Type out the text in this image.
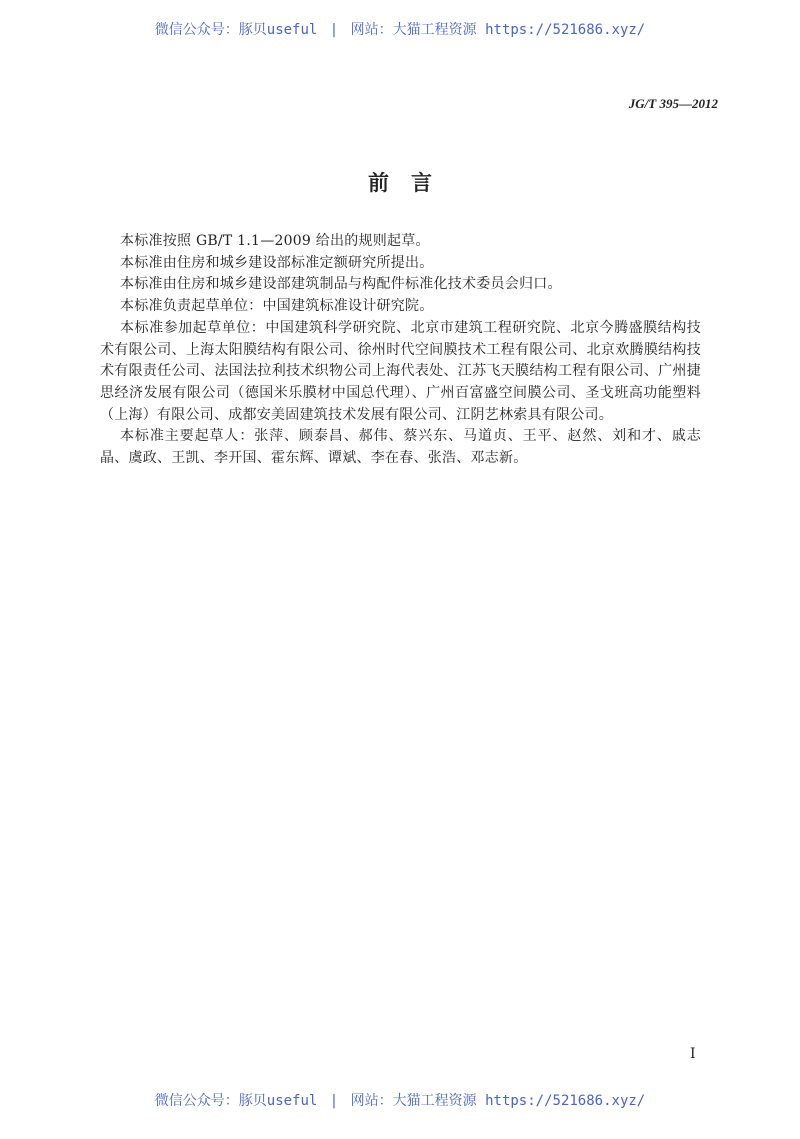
微信公众号：豚贝useful | 网站：大猫工程资源 https://521686.xyz/
JG/T 395—2012
前言

本标准按照 GB/T 1.1—2009 给出的规则起草。

本标准由住房和城乡建设部标准定额研究所提出。

本标准由住房和城乡建设部建筑制品与构配件标准化技术委员会归口。

本标准负责起草单位：中国建筑标准设计研究院。

本标准参加起草单位：中国建筑科学研究院、北京市建筑工程研究院、北京今腾盛膜结构技术有限公司、上海太阳膜结构有限公司、徐州时代空间膜技术工程有限公司、北京欢腾膜结构技术有限责任公司、法国法拉利技术织物公司上海代表处、江苏飞天膜结构工程有限公司、广州捷思经济发展有限公司（德国米乐膜材中国总代理）、广州百富盛空间膜公司、圣戈班高功能塑料（上海）有限公司、成都安美固建筑技术发展有限公司、江阴艺林索具有限公司。

本标准主要起草人：张萍、顾泰昌、郝伟、蔡兴东、马道贞、王平、赵然、刘和才、戚志晶、虞政、王凯、李开国、霍东辉、谭斌、李在春、张浩、邓志新。

I
微信公众号：豚贝useful | 网站：大猫工程资源 https://521686.xyz/
